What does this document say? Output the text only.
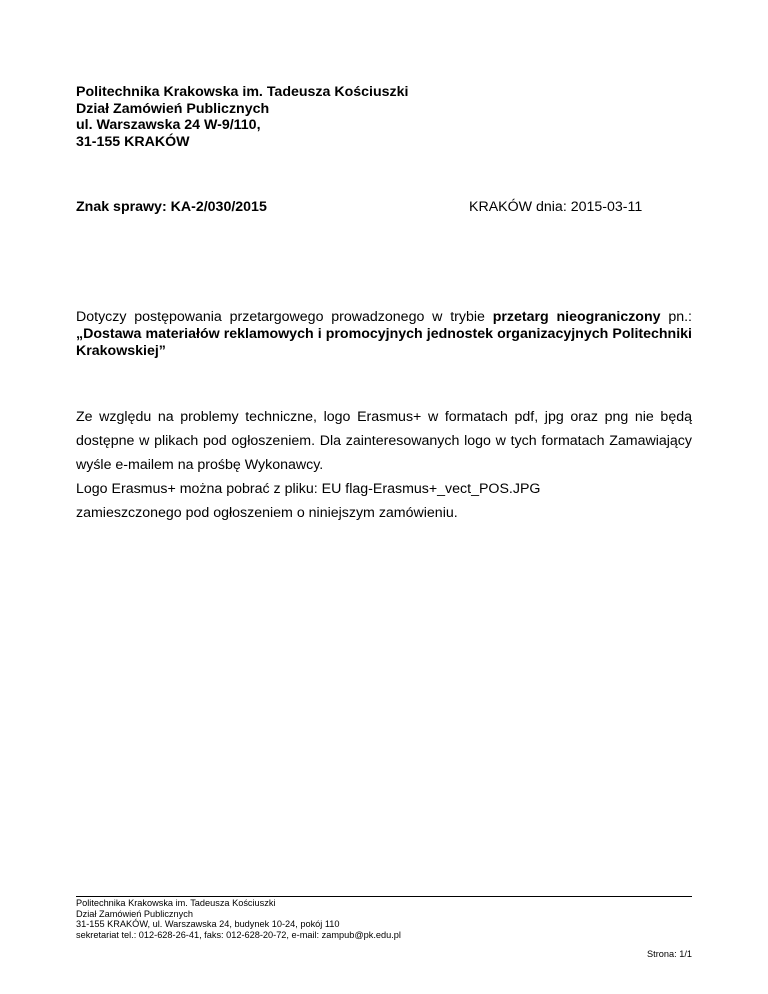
Politechnika Krakowska im. Tadeusza Kościuszki
Dział Zamówień Publicznych
ul. Warszawska 24 W-9/110,
31-155 KRAKÓW
Znak sprawy: KA-2/030/2015	KRAKÓW dnia: 2015-03-11
Dotyczy postępowania przetargowego prowadzonego w trybie przetarg nieograniczony pn.: „Dostawa materiałów reklamowych i promocyjnych jednostek organizacyjnych Politechniki Krakowskiej”

Ze względu na problemy techniczne, logo Erasmus+ w formatach pdf, jpg oraz png nie będą dostępne w plikach pod ogłoszeniem. Dla zainteresowanych logo w tych formatach Zamawiający wyśle e-mailem na prośbę Wykonawcy.

Logo Erasmus+ można pobrać z pliku: EU flag-Erasmus+_vect_POS.JPG

zamieszczonego pod ogłoszeniem o niniejszym zamówieniu.

Politechnika Krakowska im. Tadeusza Kościuszki
Dział Zamówień Publicznych
31-155 KRAKÓW, ul. Warszawska 24, budynek 10-24, pokój 110
sekretariat tel.: 012-628-26-41, faks: 012-628-20-72, e-mail: zampub@pk.edu.pl
Strona: 1/1
